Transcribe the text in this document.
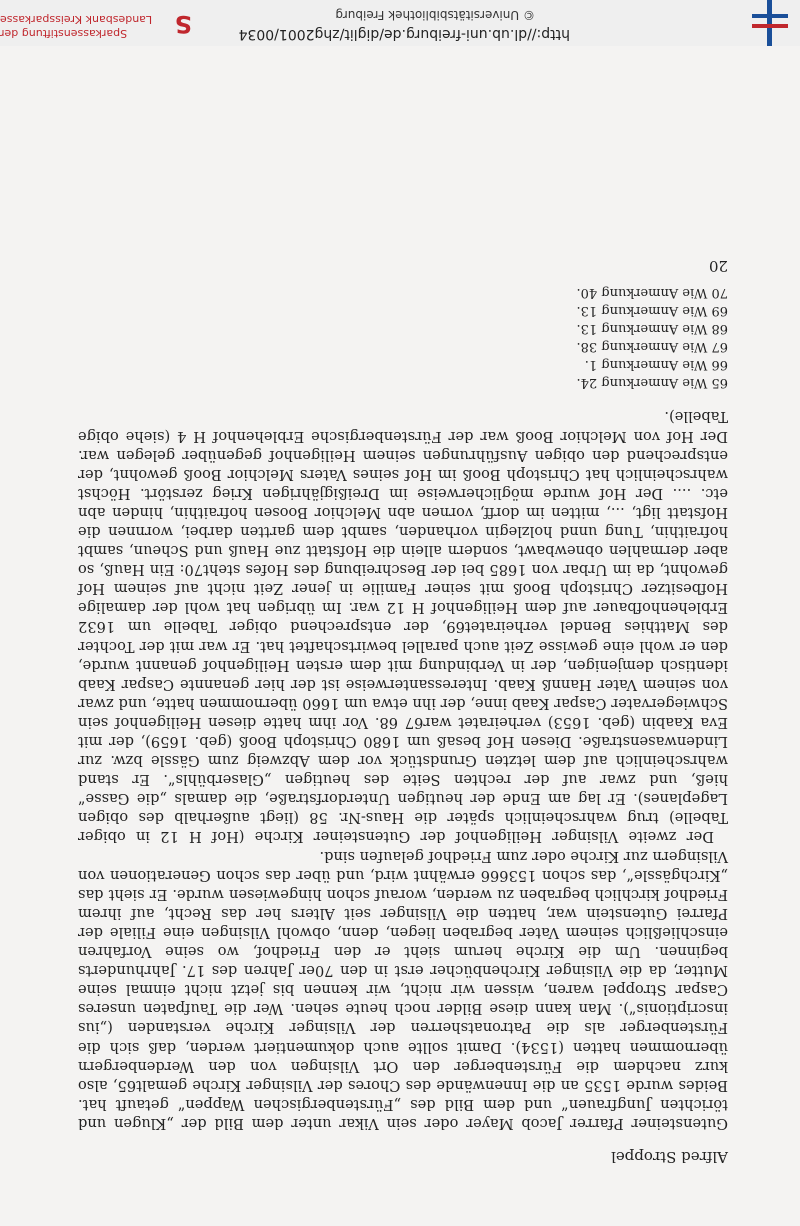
Alfred Stroppel

Gutensteiner Pfarrer Jacob Mayer oder sein Vikar unter dem Bild der „Klugen und törichten Jungfrauen“ und dem Bild des „Fürstenbergischen Wappen“ getauft hat. Beides wurde 1535 an die Innenwände des Chores der Vilsinger Kirche gemalt65, also kurz nachdem die Fürstenberger den Ort Vilsingen von den Werdenbergern übernommen hatten (1534). Damit sollte auch dokumentiert werden, daß sich die Fürstenberger als die Patronatsherren der Vilsinger Kirche verstanden („ius inscriptionis“). Man kann diese Bilder noch heute sehen. Wer die Taufpaten unseres Caspar Stroppel waren, wissen wir nicht, wir kennen bis jetzt nicht einmal seine Mutter, da die Vilsinger Kirchenbücher erst in den 70er Jahren des 17. Jahrhunderts beginnen. Um die Kirche herum sieht er den Friedhof, wo seine Vorfahren einschließlich seinem Vater begraben liegen, denn, obwohl Vilsingen eine Filiale der Pfarrei Gutenstein war, hatten die Vilsinger seit Alters her das Recht, auf ihrem Friedhof kirchlich begraben zu werden, worauf schon hingewiesen wurde. Er sieht das „Kirchgässle“, das schon 153666 erwähnt wird, und über das schon Generationen von Vilsingern zur Kirche oder zum Friedhof gelaufen sind.

Der zweite Vilsinger Heiligenhof der Gutensteiner Kirche (Hof H 12 in obiger Tabelle) trug wahrscheinlich später die Haus-Nr. 58 (liegt außerhalb des obigen Lageplanes). Er lag am Ende der heutigen Unterdorfstraße, die damals „die Gasse“ hieß, und zwar auf der rechten Seite des heutigen „Glaserbühls“. Er stand wahrscheinlich auf dem letzten Grundstück vor dem Abzweig zum Gässle bzw. zur Lindenwasenstraße. Diesen Hof besaß um 1680 Christoph Booß (geb. 1659), der mit Eva Kaabin (geb. 1653) verheiratet war67 68. Vor ihm hatte diesen Heiligenhof sein Schwiegervater Caspar Kaab inne, der ihn etwa um 1660 übernommen hatte, und zwar von seinem Vater Hannß Kaab. Interessanterweise ist der hier genannte Caspar Kaab identisch demjenigen, der in Verbindung mit dem ersten Heiligenhof genannt wurde, den er wohl eine gewisse Zeit auch parallel bewirtschaftet hat. Er war mit der Tochter des Matthies Bendel verheiratet69, der entsprechend obiger Tabelle um 1632 Erblehenhofbauer auf dem Heiligenhof H 12 war. Im übrigen hat wohl der damalige Hofbesitzer Christoph Booß mit seiner Familie in jener Zeit nicht auf seinem Hof gewohnt, da im Urbar von 1685 bei der Beschreibung des Hofes steht70: Ein Hauß, so aber dermahlen obnewbawt, sondern allein die Hofstatt zue Hauß und Scheun, sambt hofraithin, Tung unnd holzlegin vorhanden, sambt dem gartten darbei, wornnen die Hofstatt ligt, ..., mitten im dorff, vornen abn Melchior Boosen hofraithin, hinden abn etc. .... Der Hof wurde möglicherweise im Dreißigjährigen Krieg zerstört. Höchst wahrscheinlich hat Christoph Booß im Hof seines Vaters Melchior Booß gewohnt, der entsprechend den obigen Ausführungen seinem Heiligenhof gegenüber gelegen war. Der Hof von Melchior Booß war der Fürstenbergische Erblehenhof H 4 (siehe obige Tabelle).

65 Wie Anmerkung 24.

66 Wie Anmerkung 1.

67 Wie Anmerkung 38.

68 Wie Anmerkung 13.

69 Wie Anmerkung 13.

70 Wie Anmerkung 40.

20
http://dl.ub.uni-freiburg.de/diglit/zhg2001/0034
© Universitätsbibliothek Freiburg
S
Sparkassenstiftung der
Landesbank Kreissparkasse
